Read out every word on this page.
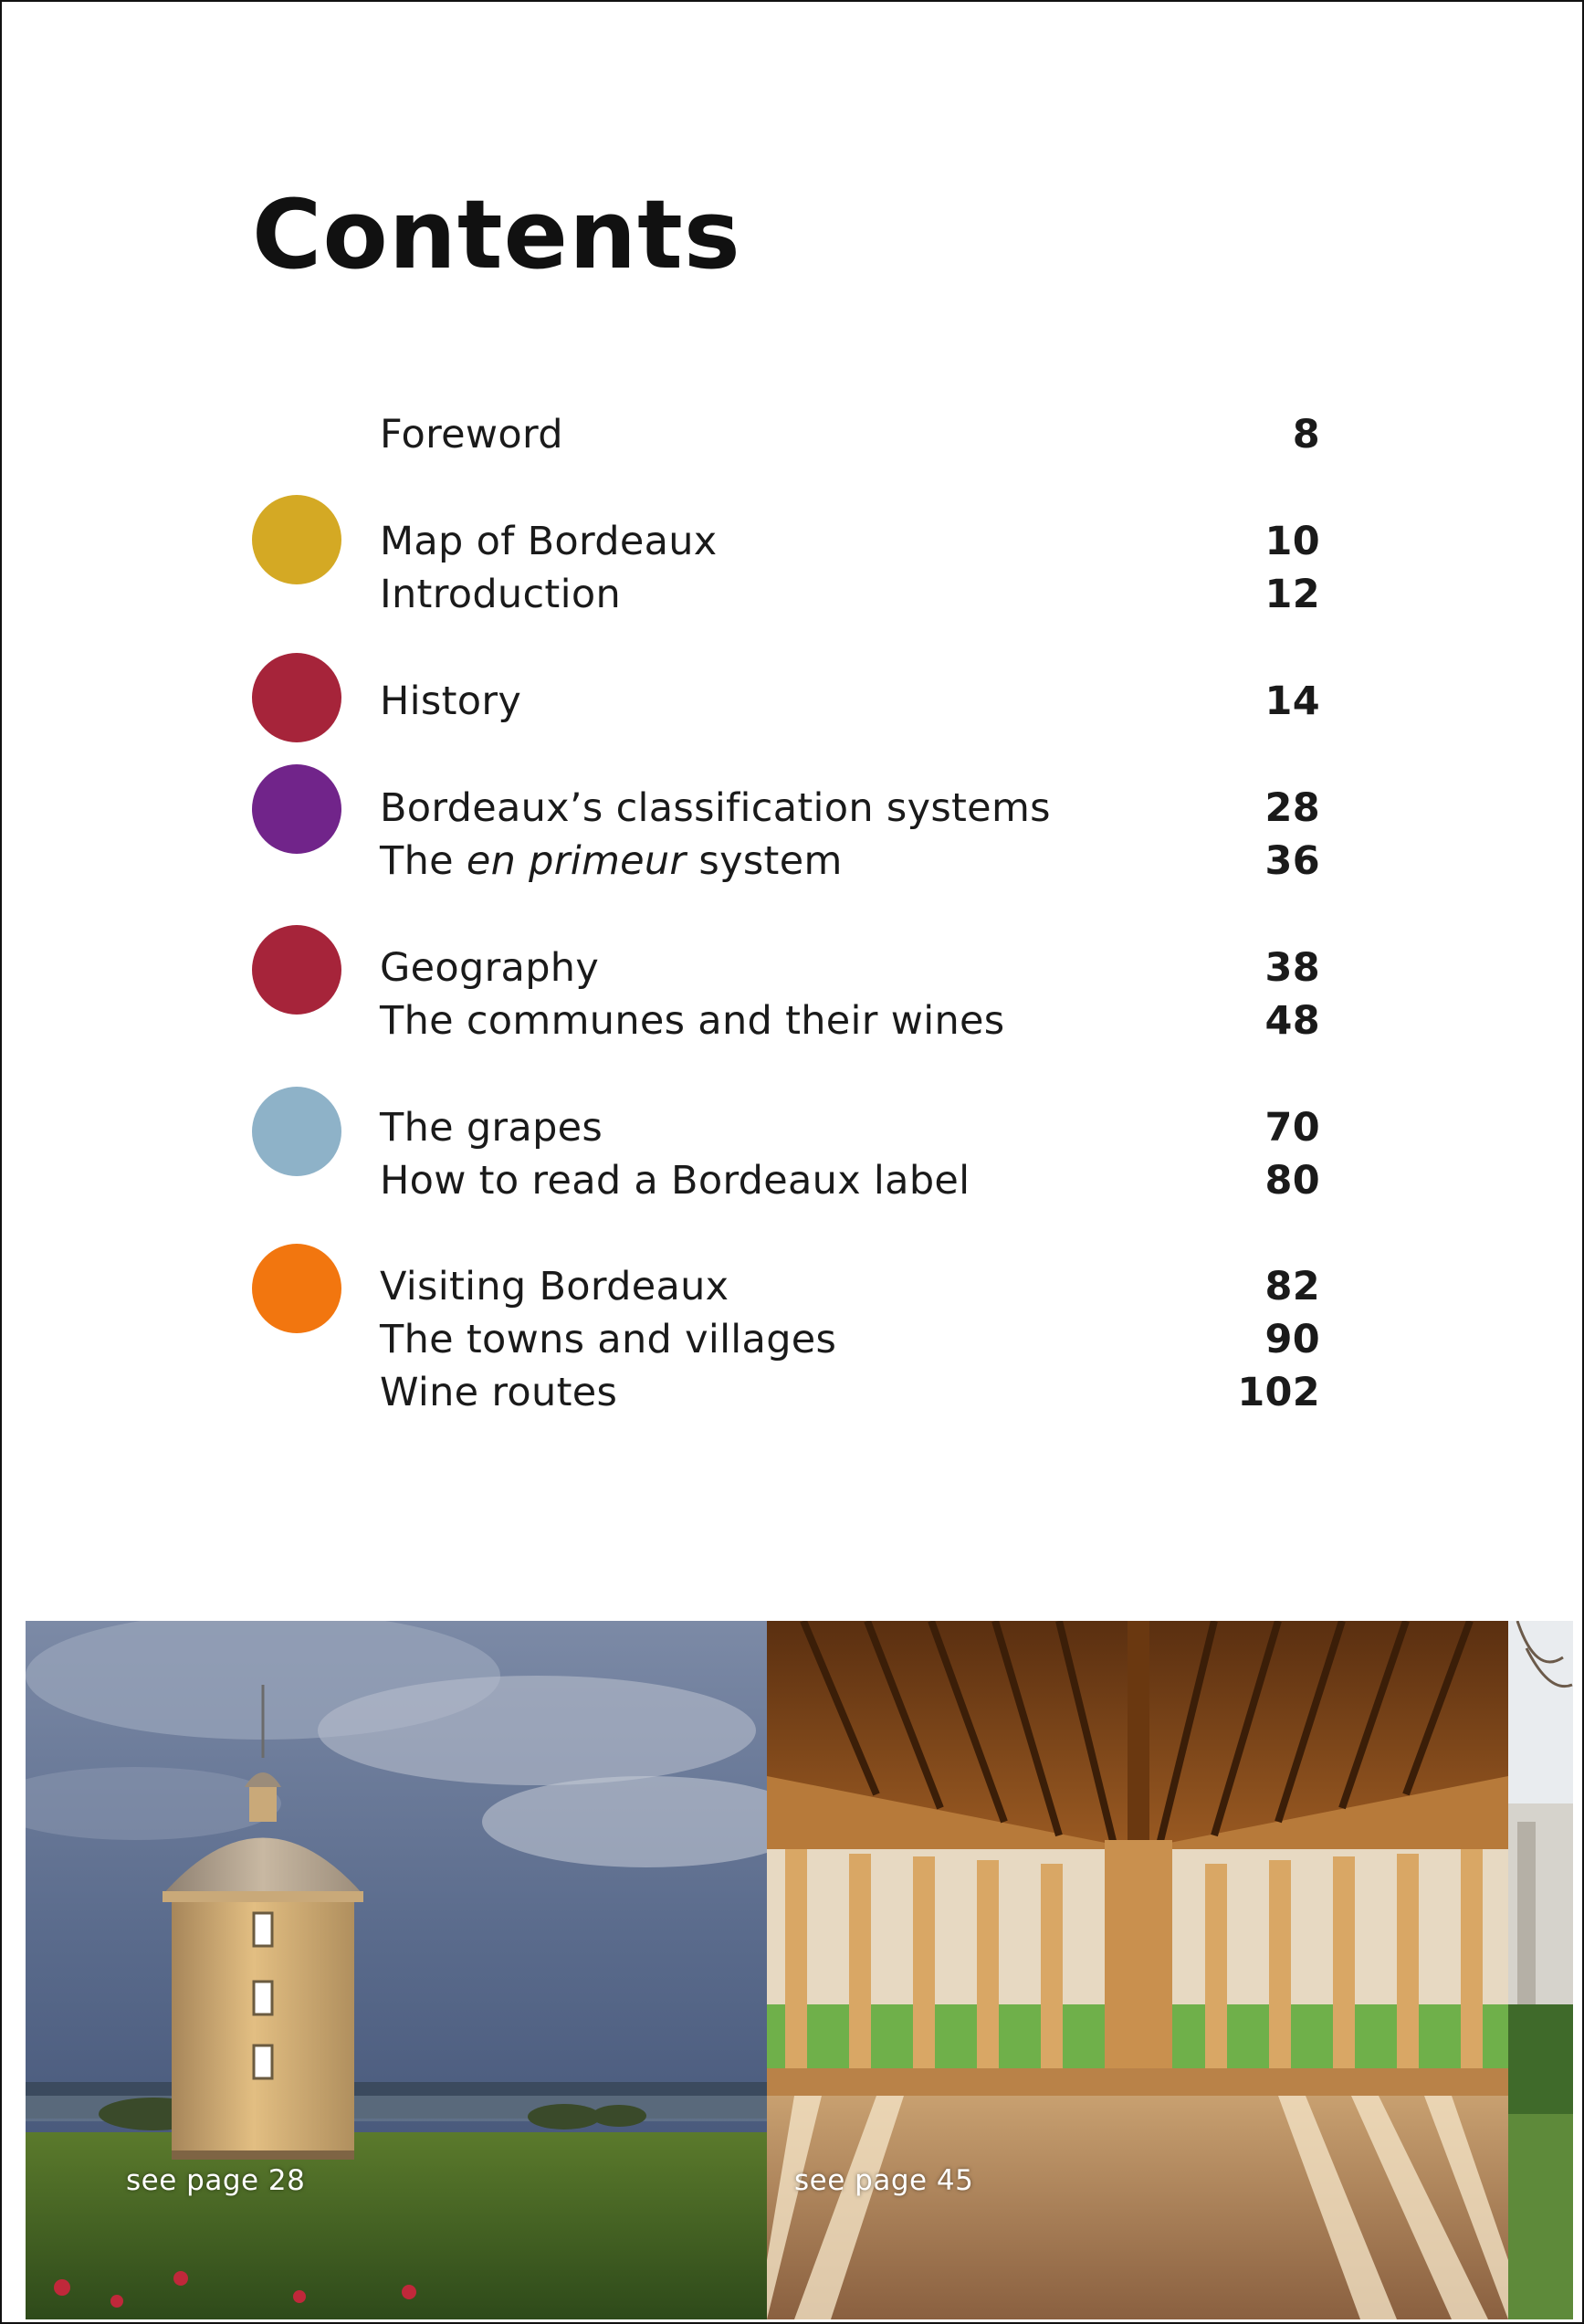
Contents
Foreword	8
Map of Bordeaux	10
Introduction	12
History	14
Bordeaux’s classification systems	28
The en primeur system	36
Geography	38
The communes and their wines	48
The grapes	70
How to read a Bordeaux label	80
Visiting Bordeaux	82
The towns and villages	90
Wine routes	102
see page 28	see page 45
